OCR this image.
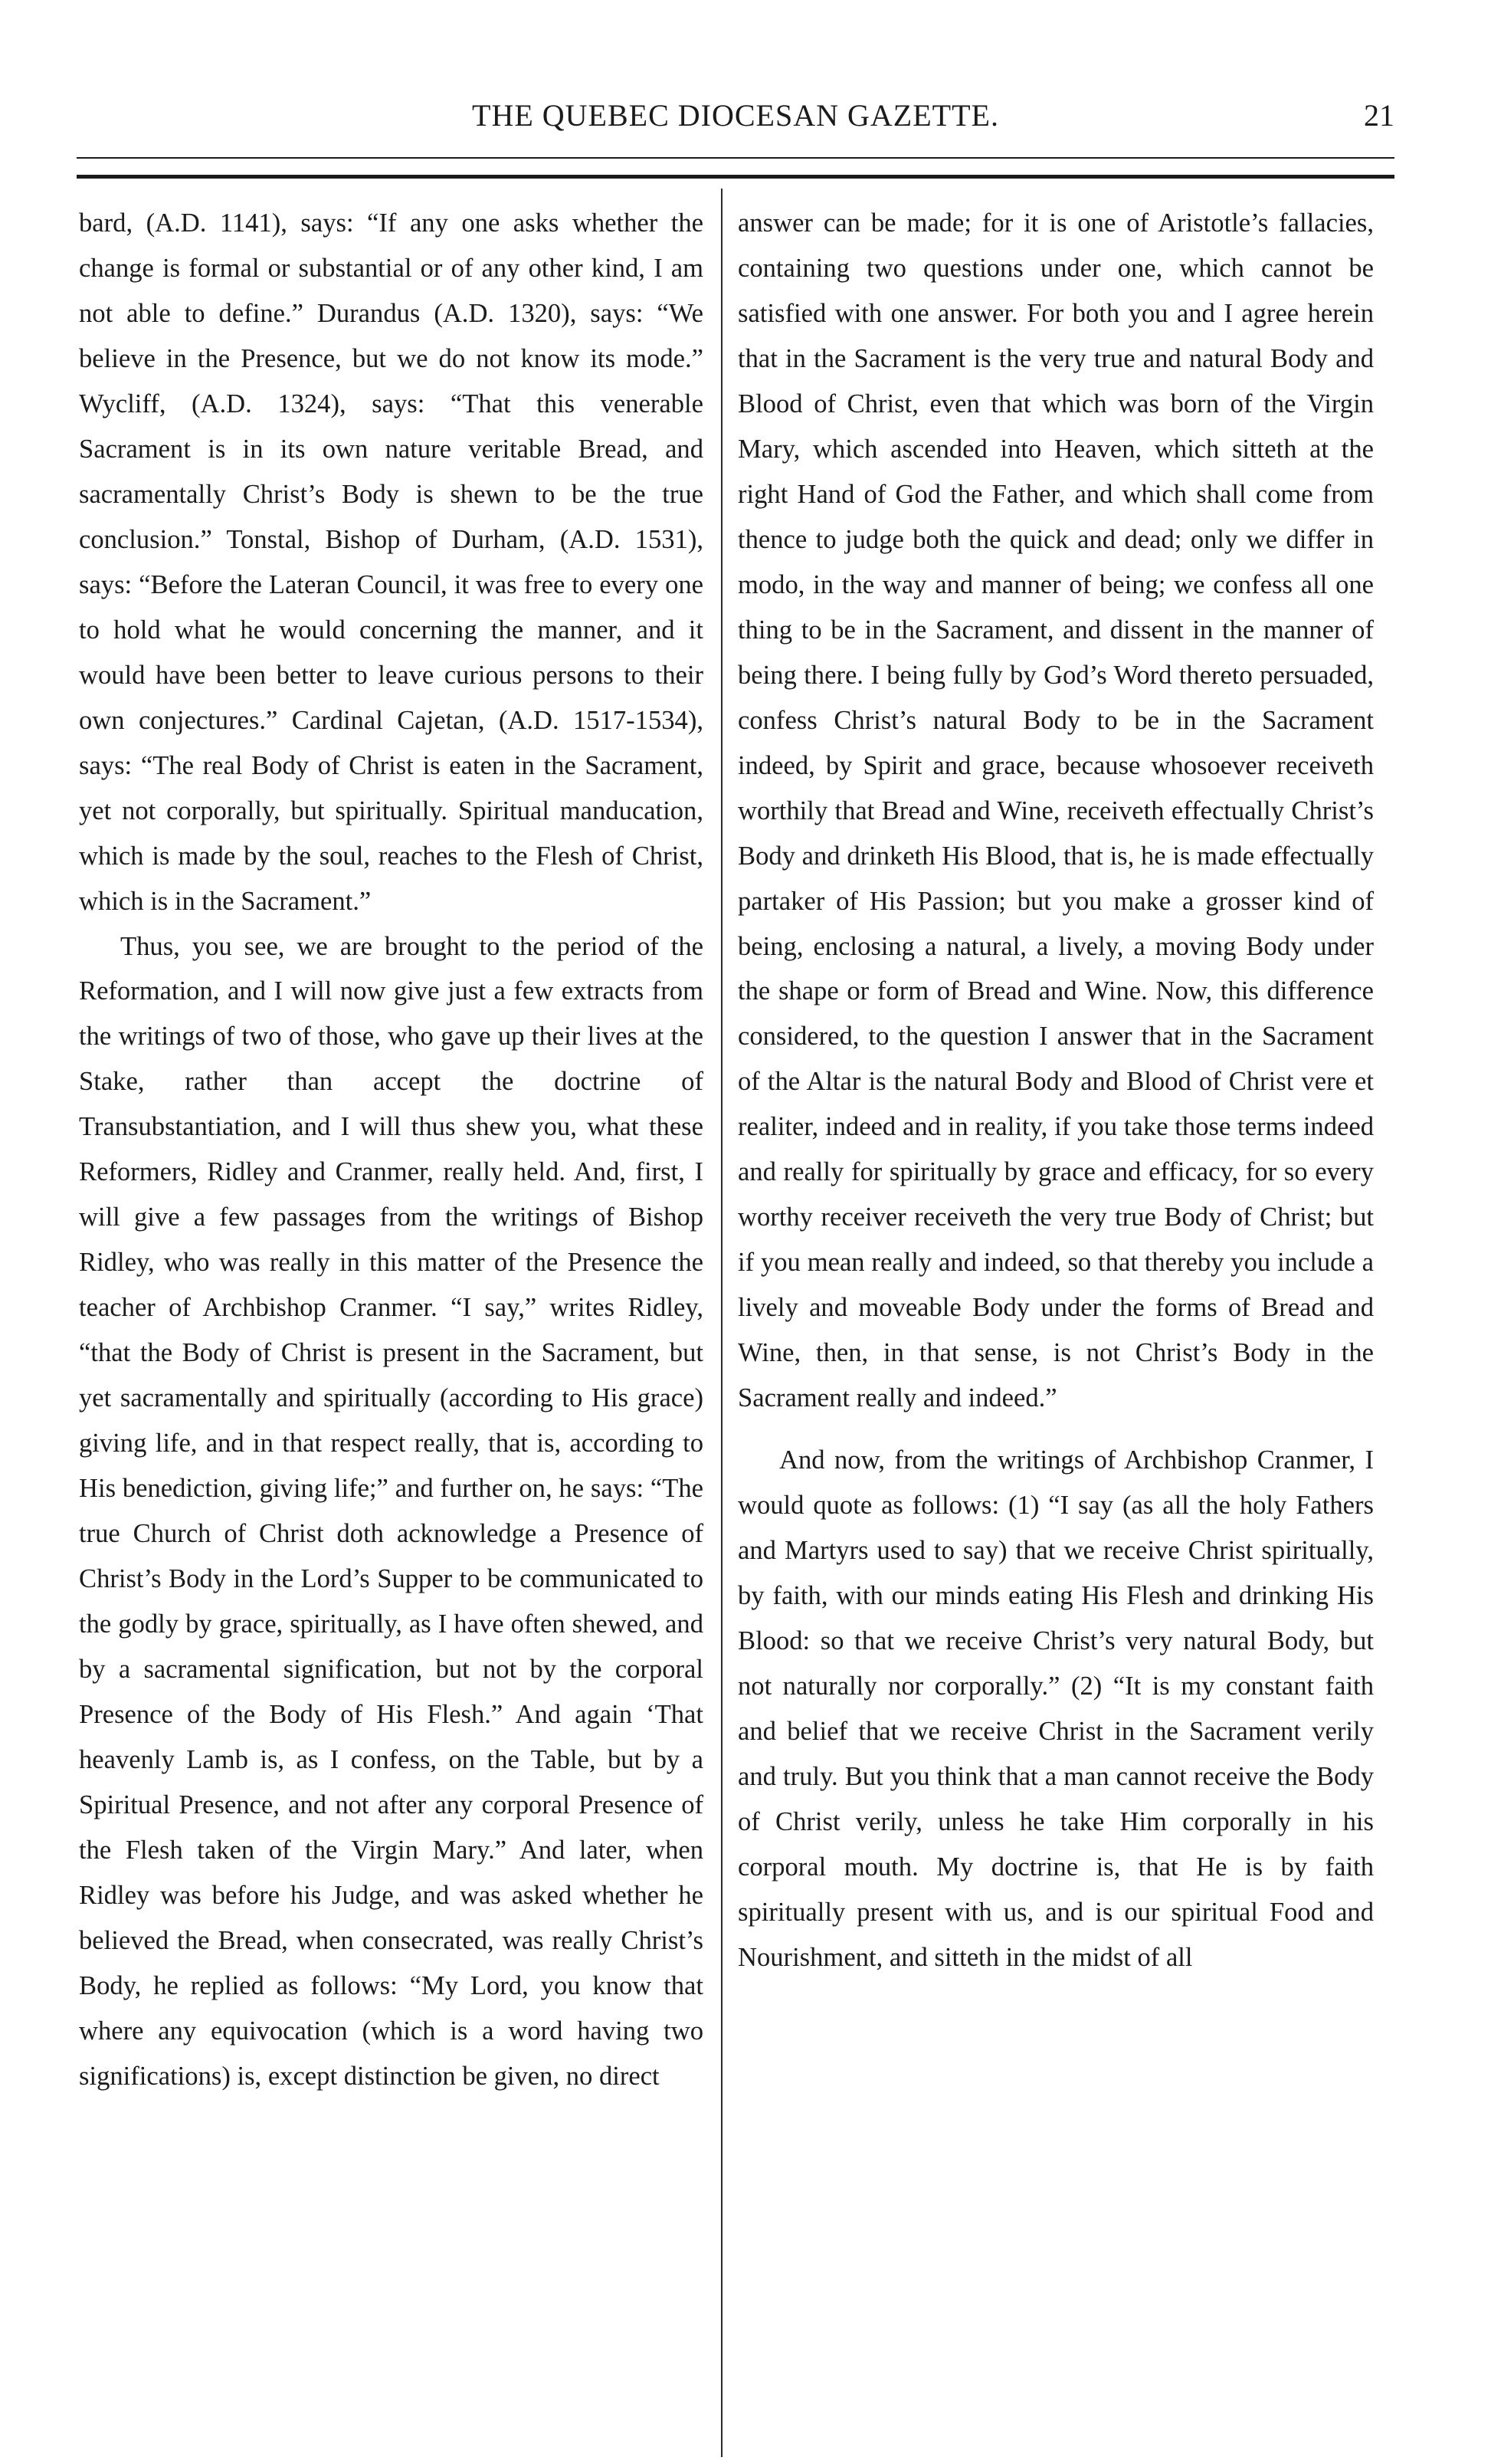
THE QUEBEC DIOCESAN GAZETTE.	21

bard, (A.D. 1141), says: “If any one asks whether the change is formal or substantial or of any other kind, I am not able to define.” Durandus (A.D. 1320), says: “We believe in the Presence, but we do not know its mode.” Wycliff, (A.D. 1324), says: “That this venerable Sacrament is in its own nature veritable Bread, and sacramentally Christ’s Body is shewn to be the true conclusion.” Tonstal, Bishop of Durham, (A.D. 1531), says: “Before the Lateran Council, it was free to every one to hold what he would concerning the manner, and it would have been better to leave curious persons to their own conjectures.” Cardinal Cajetan, (A.D. 1517-1534), says: “The real Body of Christ is eaten in the Sacrament, yet not corporally, but spiritually. Spiritual manducation, which is made by the soul, reaches to the Flesh of Christ, which is in the Sacrament.”

Thus, you see, we are brought to the period of the Reformation, and I will now give just a few extracts from the writings of two of those, who gave up their lives at the Stake, rather than accept the doctrine of Transubstantiation, and I will thus shew you, what these Reformers, Ridley and Cranmer, really held. And, first, I will give a few passages from the writings of Bishop Ridley, who was really in this matter of the Presence the teacher of Archbishop Cranmer. “I say,” writes Ridley, “that the Body of Christ is present in the Sacrament, but yet sacramentally and spiritually (according to His grace) giving life, and in that respect really, that is, according to His benediction, giving life;” and further on, he says: “The true Church of Christ doth acknowledge a Presence of Christ’s Body in the Lord’s Supper to be communicated to the godly by grace, spiritually, as I have often shewed, and by a sacramental signification, but not by the corporal Presence of the Body of His Flesh.” And again ‘That heavenly Lamb is, as I confess, on the Table, but by a Spiritual Presence, and not after any corporal Presence of the Flesh taken of the Virgin Mary.” And later, when Ridley was before his Judge, and was asked whether he believed the Bread, when consecrated, was really Christ’s Body, he replied as follows: “My Lord, you know that where any equivocation (which is a word having two significations) is, except distinction be given, no direct

answer can be made; for it is one of Aristotle’s fallacies, containing two questions under one, which cannot be satisfied with one answer. For both you and I agree herein that in the Sacrament is the very true and natural Body and Blood of Christ, even that which was born of the Virgin Mary, which ascended into Heaven, which sitteth at the right Hand of God the Father, and which shall come from thence to judge both the quick and dead; only we differ in modo, in the way and manner of being; we confess all one thing to be in the Sacrament, and dissent in the manner of being there. I being fully by God’s Word thereto persuaded, confess Christ’s natural Body to be in the Sacrament indeed, by Spirit and grace, because whosoever receiveth worthily that Bread and Wine, receiveth effectually Christ’s Body and drinketh His Blood, that is, he is made effectually partaker of His Passion; but you make a grosser kind of being, enclosing a natural, a lively, a moving Body under the shape or form of Bread and Wine. Now, this difference considered, to the question I answer that in the Sacrament of the Altar is the natural Body and Blood of Christ vere et realiter, indeed and in reality, if you take those terms indeed and really for spiritually by grace and efficacy, for so every worthy receiver receiveth the very true Body of Christ; but if you mean really and indeed, so that thereby you include a lively and moveable Body under the forms of Bread and Wine, then, in that sense, is not Christ’s Body in the Sacrament really and indeed.”

And now, from the writings of Archbishop Cranmer, I would quote as follows: (1) “I say (as all the holy Fathers and Martyrs used to say) that we receive Christ spiritually, by faith, with our minds eating His Flesh and drinking His Blood: so that we receive Christ’s very natural Body, but not naturally nor corporally.” (2) “It is my constant faith and belief that we receive Christ in the Sacrament verily and truly. But you think that a man cannot receive the Body of Christ verily, unless he take Him corporally in his corporal mouth. My doctrine is, that He is by faith spiritually present with us, and is our spiritual Food and Nourishment, and sitteth in the midst of all
